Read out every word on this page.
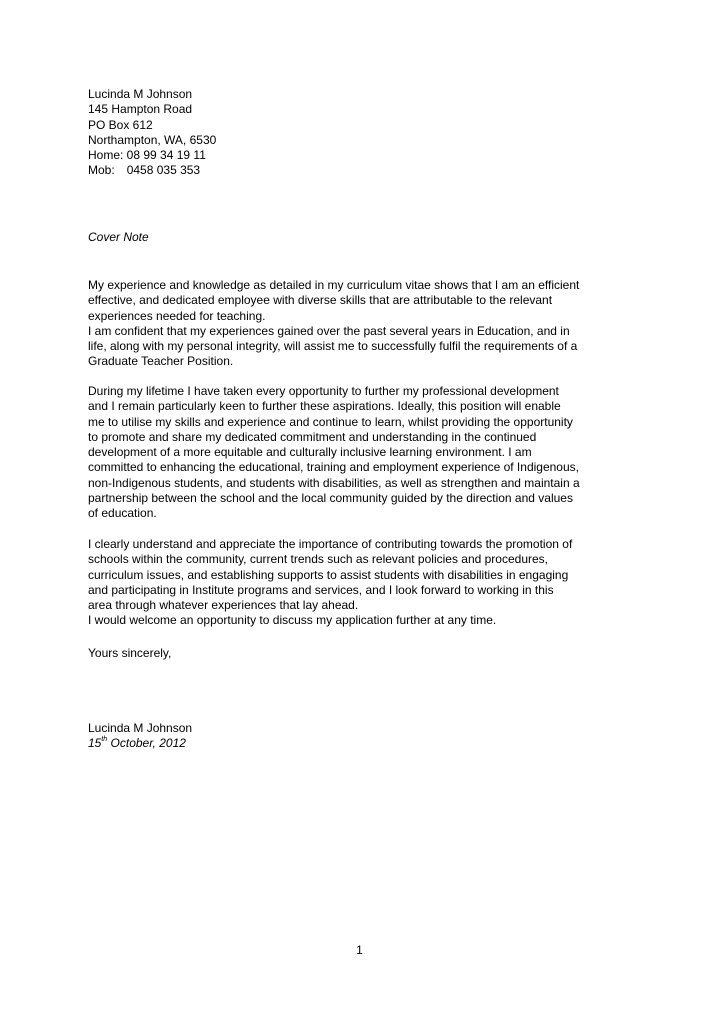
Lucinda M Johnson
145 Hampton Road
PO Box 612
Northampton, WA, 6530
Home: 08 99 34 19 11
Mob: 0458 035 353
Cover Note
My experience and knowledge as detailed in my curriculum vitae shows that I am an efficient
effective, and dedicated employee with diverse skills that are attributable to the relevant
experiences needed for teaching.
I am confident that my experiences gained over the past several years in Education, and in
life, along with my personal integrity, will assist me to successfully fulfil the requirements of a
Graduate Teacher Position.
During my lifetime I have taken every opportunity to further my professional development
and I remain particularly keen to further these aspirations. Ideally, this position will enable
me to utilise my skills and experience and continue to learn, whilst providing the opportunity
to promote and share my dedicated commitment and understanding in the continued
development of a more equitable and culturally inclusive learning environment. I am
committed to enhancing the educational, training and employment experience of Indigenous,
non-Indigenous students, and students with disabilities, as well as strengthen and maintain a
partnership between the school and the local community guided by the direction and values
of education.
I clearly understand and appreciate the importance of contributing towards the promotion of
schools within the community, current trends such as relevant policies and procedures,
curriculum issues, and establishing supports to assist students with disabilities in engaging
and participating in Institute programs and services, and I look forward to working in this
area through whatever experiences that lay ahead.
I would welcome an opportunity to discuss my application further at any time.
Yours sincerely,
Lucinda M Johnson
15th October, 2012
1
